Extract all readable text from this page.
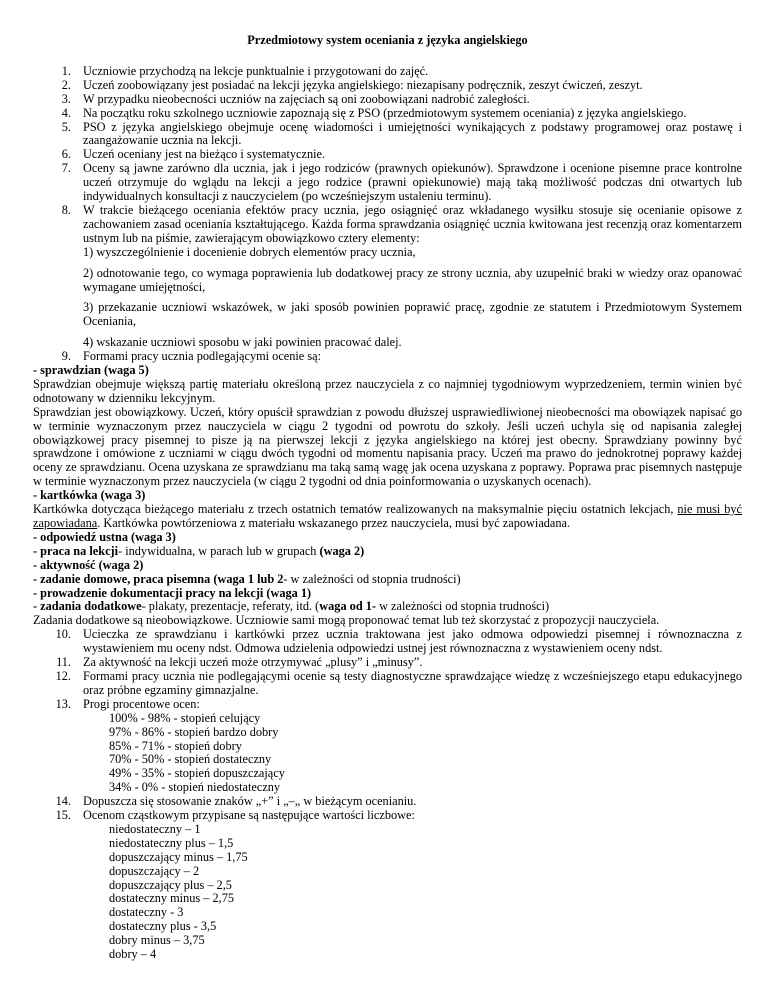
Przedmiotowy system oceniania z języka angielskiego
1. Uczniowie przychodzą na lekcje punktualnie i przygotowani do zajęć.
2. Uczeń zoobowiązany jest posiadać na lekcji języka angielskiego: niezapisany podręcznik, zeszyt ćwiczeń, zeszyt.
3. W przypadku nieobecności uczniów na zajęciach są oni zoobowiązani nadrobić zaległości.
4. Na początku roku szkolnego uczniowie zapoznają się z PSO (przedmiotowym systemem oceniania) z języka angielskiego.
5. PSO z języka angielskiego obejmuje ocenę wiadomości i umiejętności wynikających z podstawy programowej oraz postawę i zaangażowanie ucznia na lekcji.
6. Uczeń oceniany jest na bieżąco i systematycznie.
7. Oceny są jawne zarówno dla ucznia, jak i jego rodziców (prawnych opiekunów). Sprawdzone i ocenione pisemne prace kontrolne uczeń otrzymuje do wglądu na lekcji a jego rodzice (prawni opiekunowie) mają taką możliwość podczas dni otwartych lub indywidualnych konsultacji z nauczycielem (po wcześniejszym ustaleniu terminu).
8. W trakcie bieżącego oceniania efektów pracy ucznia, jego osiągnięć oraz wkładanego wysiłku stosuje się ocenianie opisowe z zachowaniem zasad oceniania kształtującego. Każda forma sprawdzania osiągnięć ucznia kwitowana jest recenzją oraz komentarzem ustnym lub na piśmie, zawierającym obowiązkowo cztery elementy:
1) wyszczególnienie i docenienie dobrych elementów pracy ucznia,
2) odnotowanie tego, co wymaga poprawienia lub dodatkowej pracy ze strony ucznia, aby uzupełnić braki w wiedzy oraz opanować wymagane umiejętności,
3) przekazanie uczniowi wskazówek, w jaki sposób powinien poprawić pracę, zgodnie ze statutem i Przedmiotowym Systemem Oceniania,
4) wskazanie uczniowi sposobu w jaki powinien pracować dalej.
9. Formami pracy ucznia podlegającymi ocenie są:
- sprawdzian (waga 5)
Sprawdzian obejmuje większą partię materiału określoną przez nauczyciela z co najmniej tygodniowym wyprzedzeniem, termin winien być odnotowany w dzienniku lekcyjnym.
Sprawdzian jest obowiązkowy. Uczeń, który opuścił sprawdzian z powodu dłuższej usprawiedliwionej nieobecności ma obowiązek napisać go w terminie wyznaczonym przez nauczyciela w ciągu 2 tygodni od powrotu do szkoły. Jeśli uczeń uchyla się od napisania zaległej obowiązkowej pracy pisemnej to pisze ją na pierwszej lekcji z języka angielskiego na której jest obecny. Sprawdziany powinny być sprawdzone i omówione z uczniami w ciągu dwóch tygodni od momentu napisania pracy. Uczeń ma prawo do jednokrotnej poprawy każdej oceny ze sprawdzianu. Ocena uzyskana ze sprawdzianu ma taką samą wagę jak ocena uzyskana z poprawy. Poprawa prac pisemnych następuje w terminie wyznaczonym przez nauczyciela (w ciągu 2 tygodni od dnia poinformowania o uzyskanych ocenach).
- kartkówka (waga 3)
Kartkówka dotycząca bieżącego materiału z trzech ostatnich tematów realizowanych na maksymalnie pięciu ostatnich lekcjach, nie musi być zapowiadana. Kartkówka powtórzeniowa z materiału wskazanego przez nauczyciela, musi być zapowiadana.
- odpowiedź ustna (waga 3)
- praca na lekcji- indywidualna, w parach lub w grupach (waga 2)
- aktywność (waga 2)
- zadanie domowe, praca pisemna (waga 1 lub 2- w zależności od stopnia trudności)
- prowadzenie dokumentacji pracy na lekcji (waga 1)
- zadania dodatkowe- plakaty, prezentacje, referaty, itd. (waga od 1- w zależności od stopnia trudności)
Zadania dodatkowe są nieobowiązkowe. Uczniowie sami mogą proponować temat lub też skorzystać z propozycji nauczyciela.
10. Ucieczka ze sprawdzianu i kartkówki przez ucznia traktowana jest jako odmowa odpowiedzi pisemnej i równoznaczna z wystawieniem mu oceny ndst. Odmowa udzielenia odpowiedzi ustnej jest równoznaczna z wystawieniem oceny ndst.
11. Za aktywność na lekcji uczeń może otrzymywać „plusy” i „minusy”.
12. Formami pracy ucznia nie podlegającymi ocenie są testy diagnostyczne sprawdzające wiedzę z wcześniejszego etapu edukacyjnego oraz próbne egzaminy gimnazjalne.
13. Progi procentowe ocen:
100% - 98% - stopień celujący
97% - 86% - stopień bardzo dobry
85% - 71% - stopień dobry
70% - 50% - stopień dostateczny
49% - 35% - stopień dopuszczający
34% - 0% - stopień niedostateczny
14. Dopuszcza się stosowanie znaków „+” i „–„ w bieżącym ocenianiu.
15. Ocenom cząstkowym przypisane są następujące wartości liczbowe:
niedostateczny – 1
niedostateczny plus – 1,5
dopuszczający minus – 1,75
dopuszczający – 2
dopuszczający plus – 2,5
dostateczny minus – 2,75
dostateczny - 3
dostateczny plus - 3,5
dobry minus – 3,75
dobry – 4
